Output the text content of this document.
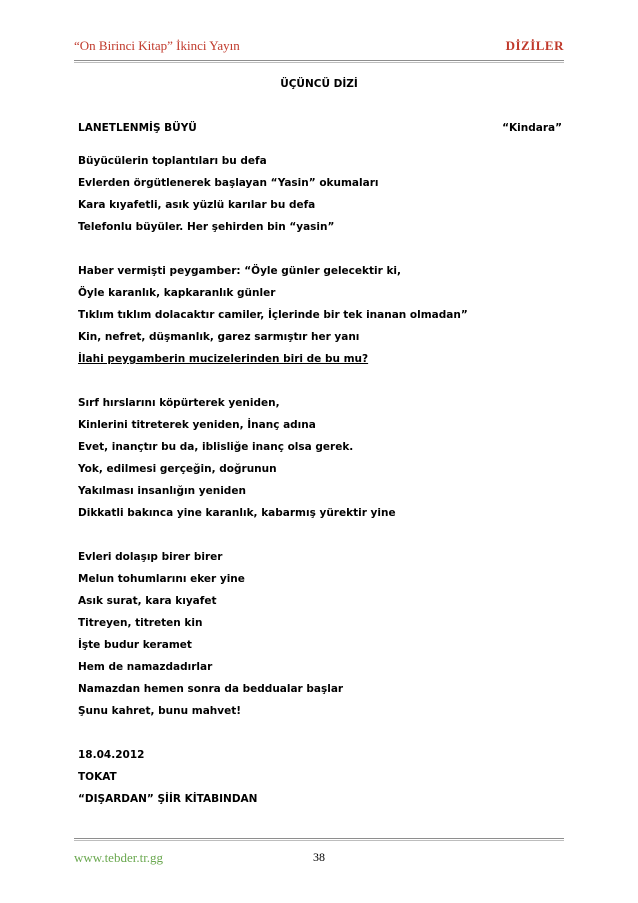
“On Birinci Kitap” İkinci Yayın	DİZİLER
ÜÇÜNCÜ DİZİ
LANETLENMİŞ BÜYÜ	“Kindara”
Büyücülerin toplantıları bu defa
Evlerden örgütlenerek başlayan “Yasin” okumaları
Kara kıyafetli, asık yüzlü karılar bu defa
Telefonlu büyüler. Her şehirden bin “yasin”
Haber vermişti peygamber: “Öyle günler gelecektir ki,
Öyle karanlık, kapkaranlık günler
Tıklım tıklım dolacaktır camiler, İçlerinde bir tek inanan olmadan”
Kin, nefret, düşmanlık, garez sarmıştır her yanı
İlahi peygamberin mucizelerinden biri de bu mu?
Sırf hırslarını köpürterek yeniden,
Kinlerini titreterek yeniden, İnanç adına
Evet, inançtır bu da, iblisliğe inanç olsa gerek.
Yok, edilmesi gerçeğin, doğrunun
Yakılması insanlığın yeniden
Dikkatli bakınca yine karanlık, kabarmış yürektir yine
Evleri dolaşıp birer birer
Melun tohumlarını eker yine
Asık surat, kara kıyafet
Titreyen, titreten kin
İşte budur keramet
Hem de namazdadırlar
Namazdan hemen sonra da beddualar başlar
Şunu kahret, bunu mahvet!
18.04.2012
TOKAT
“DIŞARDAN” ŞİİR KİTABINDAN
www.tebder.tr.gg	38
